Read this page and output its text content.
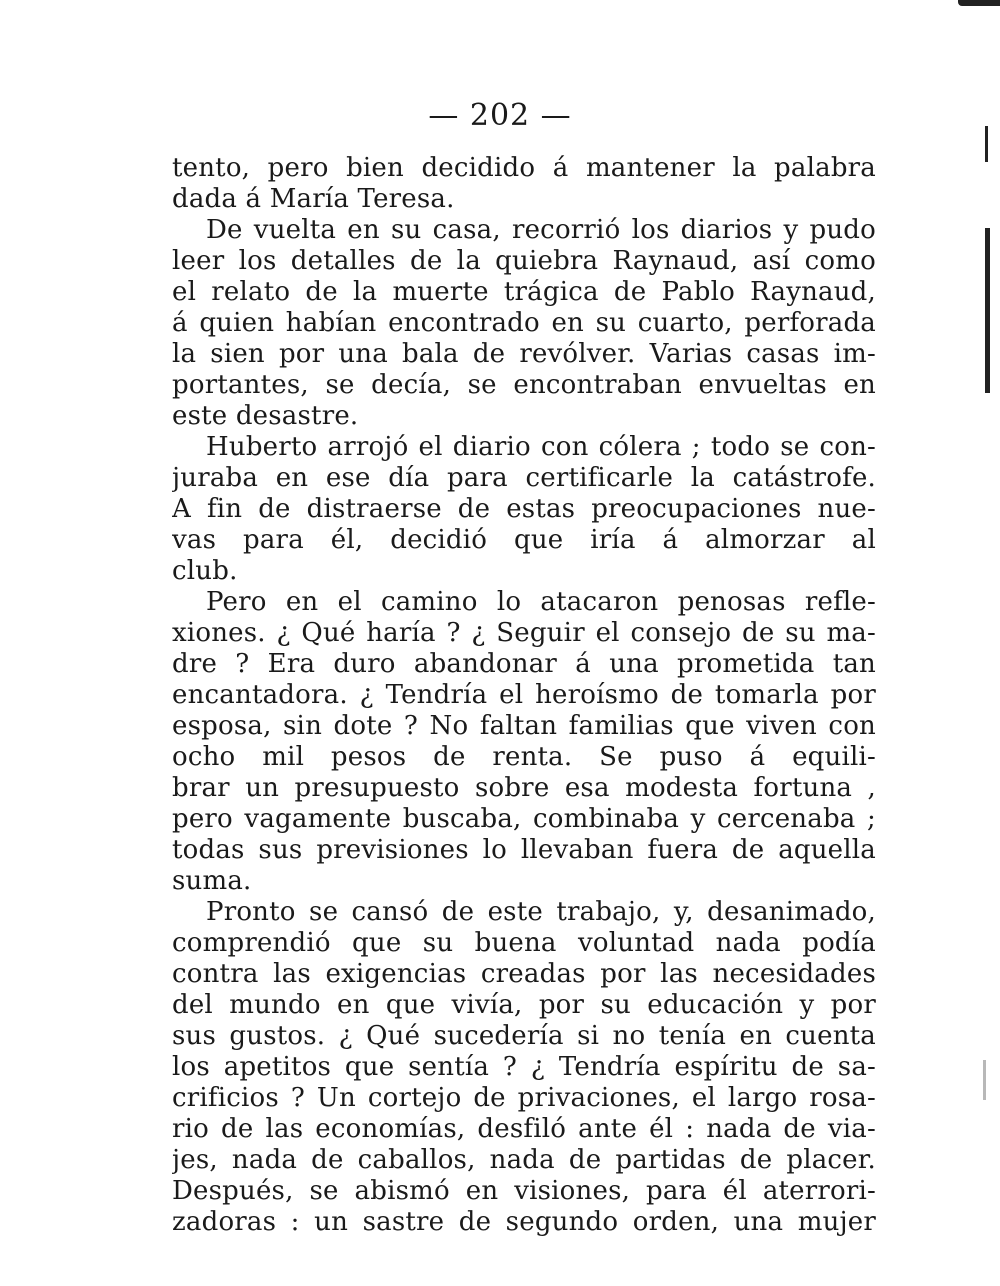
— 202 —
tento, pero bien decidido á mantener la palabra
dada á María Teresa.
De vuelta en su casa, recorrió los diarios y pudo
leer los detalles de la quiebra Raynaud, así como
el relato de la muerte trágica de Pablo Raynaud,
á quien habían encontrado en su cuarto, perforada
la sien por una bala de revólver. Varias casas im-
portantes, se decía, se encontraban envueltas en
este desastre.
Huberto arrojó el diario con cólera ; todo se con-
juraba en ese día para certificarle la catástrofe.
A fin de distraerse de estas preocupaciones nue-
vas para él, decidió que iría á almorzar al
club.
Pero en el camino lo atacaron penosas refle-
xiones. ¿ Qué haría ? ¿ Seguir el consejo de su ma-
dre ? Era duro abandonar á una prometida tan
encantadora. ¿ Tendría el heroísmo de tomarla por
esposa, sin dote ? No faltan familias que viven con
ocho mil pesos de renta. Se puso á equili-
brar un presupuesto sobre esa modesta fortuna ,
pero vagamente buscaba, combinaba y cercenaba ;
todas sus previsiones lo llevaban fuera de aquella
suma.
Pronto se cansó de este trabajo, y, desanimado,
comprendió que su buena voluntad nada podía
contra las exigencias creadas por las necesidades
del mundo en que vivía, por su educación y por
sus gustos. ¿ Qué sucedería si no tenía en cuenta
los apetitos que sentía ? ¿ Tendría espíritu de sa-
crificios ? Un cortejo de privaciones, el largo rosa-
rio de las economías, desfiló ante él : nada de via-
jes, nada de caballos, nada de partidas de placer.
Después, se abismó en visiones, para él aterrori-
zadoras : un sastre de segundo orden, una mujer
